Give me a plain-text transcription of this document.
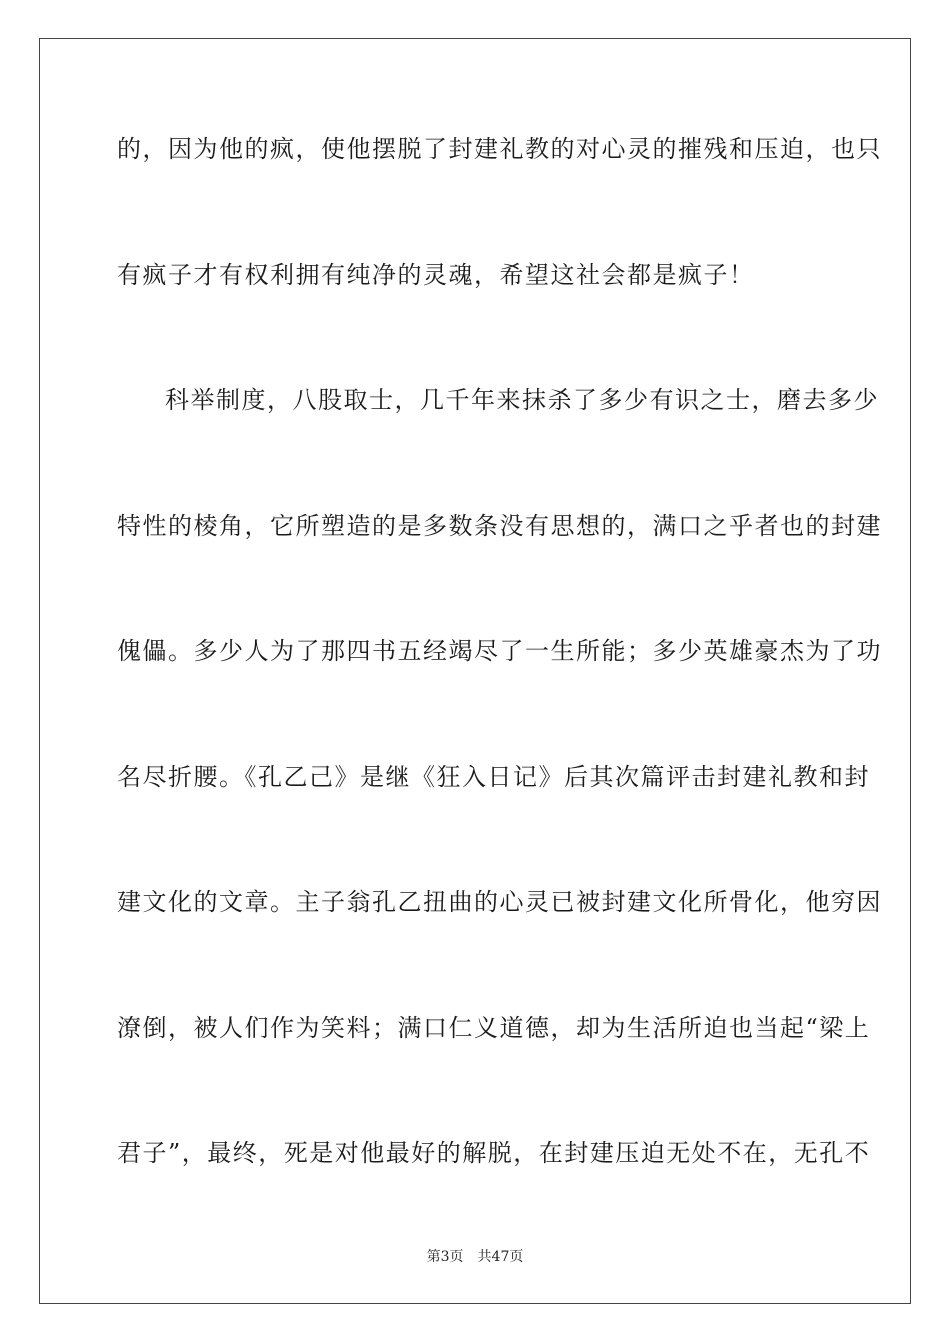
的，因为他的疯，使他摆脱了封建礼教的对心灵的摧残和压迫，也只
有疯子才有权利拥有纯净的灵魂，希望这社会都是疯子！
科举制度，八股取士，几千年来抹杀了多少有识之士，磨去多少
特性的棱角，它所塑造的是多数条没有思想的，满口之乎者也的封建
傀儡。多少人为了那四书五经竭尽了一生所能；多少英雄豪杰为了功
名尽折腰。《孔乙己》是继《狂入日记》后其次篇评击封建礼教和封
建文化的文章。主子翁孔乙扭曲的心灵已被封建文化所骨化，他穷因
潦倒，被人们作为笑料；满口仁义道德，却为生活所迫也当起“梁上
君子”，最终，死是对他最好的解脱，在封建压迫无处不在，无孔不
第3页 共47页
